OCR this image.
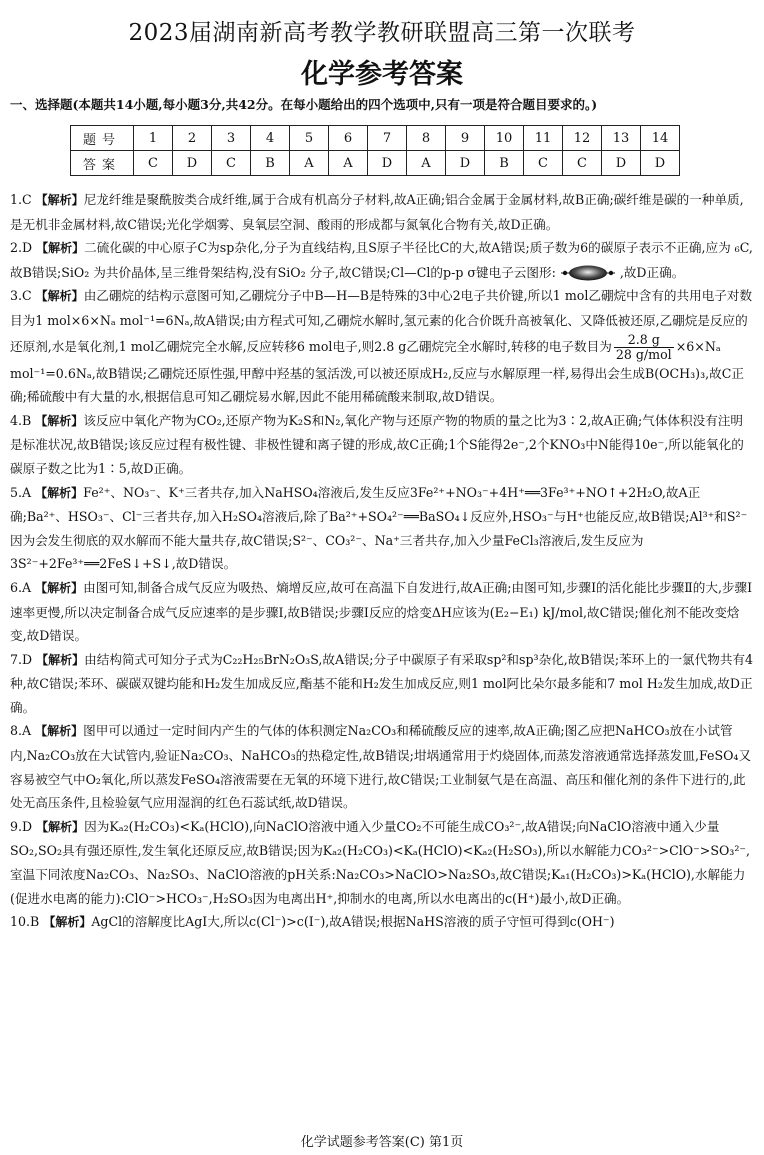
2023届湖南新高考教学教研联盟高三第一次联考
化学参考答案
一、选择题(本题共14小题,每小题3分,共42分。在每小题给出的四个选项中,只有一项是符合题目要求的。)
题号	1	2	3	4	5	6	7	8	9	10	11	12	13	14
答案	C	D	C	B	A	A	D	A	D	B	C	C	D	D

1.C 【解析】尼龙纤维是聚酰胺类合成纤维,属于合成有机高分子材料,故A正确;铝合金属于金属材料,故B正确;碳纤维是碳的一种单质,是无机非金属材料,故C错误;光化学烟雾、臭氧层空洞、酸雨的形成都与氮氧化合物有关,故D正确。

2.D 【解析】二硫化碳的中心原子C为sp杂化,分子为直线结构,且S原子半径比C的大,故A错误;质子数为6的碳原子表示不正确,应为 ₆C,故B错误;SiO₂ 为共价晶体,呈三维骨架结构,没有SiO₂ 分子,故C错误;Cl—Cl的p-p σ键电子云图形:	,故D正确。

3.C 【解析】由乙硼烷的结构示意图可知,乙硼烷分子中B—H—B是特殊的3中心2电子共价键,所以1 mol乙硼烷中含有的共用电子对数目为1 mol×6×Nₐ mol⁻¹=6Nₐ,故A错误;由方程式可知,乙硼烷水解时,氢元素的化合价既升高被氧化、又降低被还原,乙硼烷是反应的还原剂,水是氧化剂,1 mol乙硼烷完全水解,反应转移6 mol电子,则2.8 g乙硼烷完全水解时,转移的电子数目为 $\frac{2.8 g}{\text{28 g/mol}} \times 6\times N_a$ mol⁻¹=0.6Nₐ,故B错误;乙硼烷还原性强,甲醇中羟基的氢活泼,可以被还原成H₂,反应与水解原理一样,易得出会生成B(OCH₃)₃,故C正确;稀硫酸中有大量的水,根据信息可知乙硼烷易水解,因此不能用稀硫酸来制取,故D错误。

4.B 【解析】该反应中氧化产物为CO₂,还原产物为K₂S和N₂,氧化产物与还原产物的物质的量之比为3∶2,故A正确;气体体积没有注明是标准状况,故B错误;该反应过程有极性键、非极性键和离子键的形成,故C正确;1个S能得2e⁻,2个KNO₃中N能得10e⁻,所以能氧化的碳原子数之比为1∶5,故D正确。

5.A 【解析】Fe²⁺、NO₃⁻、K⁺三者共存,加入NaHSO₄溶液后,发生反应3Fe²⁺+NO₃⁻+4H⁺══3Fe³⁺+NO↑+2H₂O,故A正确;Ba²⁺、HSO₃⁻、Cl⁻三者共存,加入H₂SO₄溶液后,除了Ba²⁺+SO₄²⁻══BaSO₄↓反应外,HSO₃⁻与H⁺也能反应,故B错误;Al³⁺和S²⁻因为会发生彻底的双水解而不能大量共存,故C错误;S²⁻、CO₃²⁻、Na⁺三者共存,加入少量FeCl₃溶液后,发生反应为3S²⁻+2Fe³⁺══2FeS↓+S↓,故D错误。

6.A 【解析】由图可知,制备合成气反应为吸热、熵增反应,故可在高温下自发进行,故A正确;由图可知,步骤Ⅰ的活化能比步骤Ⅱ的大,步骤Ⅰ速率更慢,所以决定制备合成气反应速率的是步骤Ⅰ,故B错误;步骤Ⅰ反应的焓变ΔH应该为(E₂−E₁) kJ/mol,故C错误;催化剂不能改变焓变,故D错误。

7.D 【解析】由结构简式可知分子式为C₂₂H₂₅BrN₂O₃S,故A错误;分子中碳原子有采取sp²和sp³杂化,故B错误;苯环上的一氯代物共有4种,故C错误;苯环、碳碳双键均能和H₂发生加成反应,酯基不能和H₂发生加成反应,则1 mol阿比朵尔最多能和7 mol H₂发生加成,故D正确。

8.A 【解析】图甲可以通过一定时间内产生的气体的体积测定Na₂CO₃和稀硫酸反应的速率,故A正确;图乙应把NaHCO₃放在小试管内,Na₂CO₃放在大试管内,验证Na₂CO₃、NaHCO₃的热稳定性,故B错误;坩埚通常用于灼烧固体,而蒸发溶液通常选择蒸发皿,FeSO₄又容易被空气中O₂氧化,所以蒸发FeSO₄溶液需要在无氧的环境下进行,故C错误;工业制氨气是在高温、高压和催化剂的条件下进行的,此处无高压条件,且检验氨气应用湿润的红色石蕊试纸,故D错误。

9.D 【解析】因为Kₐ₂(H₂CO₃)<Kₐ(HClO),向NaClO溶液中通入少量CO₂不可能生成CO₃²⁻,故A错误;向NaClO溶液中通入少量SO₂,SO₂具有强还原性,发生氧化还原反应,故B错误;因为Kₐ₂(H₂CO₃)<Kₐ(HClO)<Kₐ₂(H₂SO₃),所以水解能力CO₃²⁻>ClO⁻>SO₃²⁻,室温下同浓度Na₂CO₃、Na₂SO₃、NaClO溶液的pH关系:Na₂CO₃>NaClO>Na₂SO₃,故C错误;Kₐ₁(H₂CO₃)>Kₐ(HClO),水解能力(促进水电离的能力):ClO⁻>HCO₃⁻,H₂SO₃因为电离出H⁺,抑制水的电离,所以水电离出的c(H⁺)最小,故D正确。

10.B 【解析】AgCl的溶解度比AgI大,所以c(Cl⁻)>c(I⁻),故A错误;根据NaHS溶液的质子守恒可得到c(OH⁻)

化学试题参考答案(C) 第1页
